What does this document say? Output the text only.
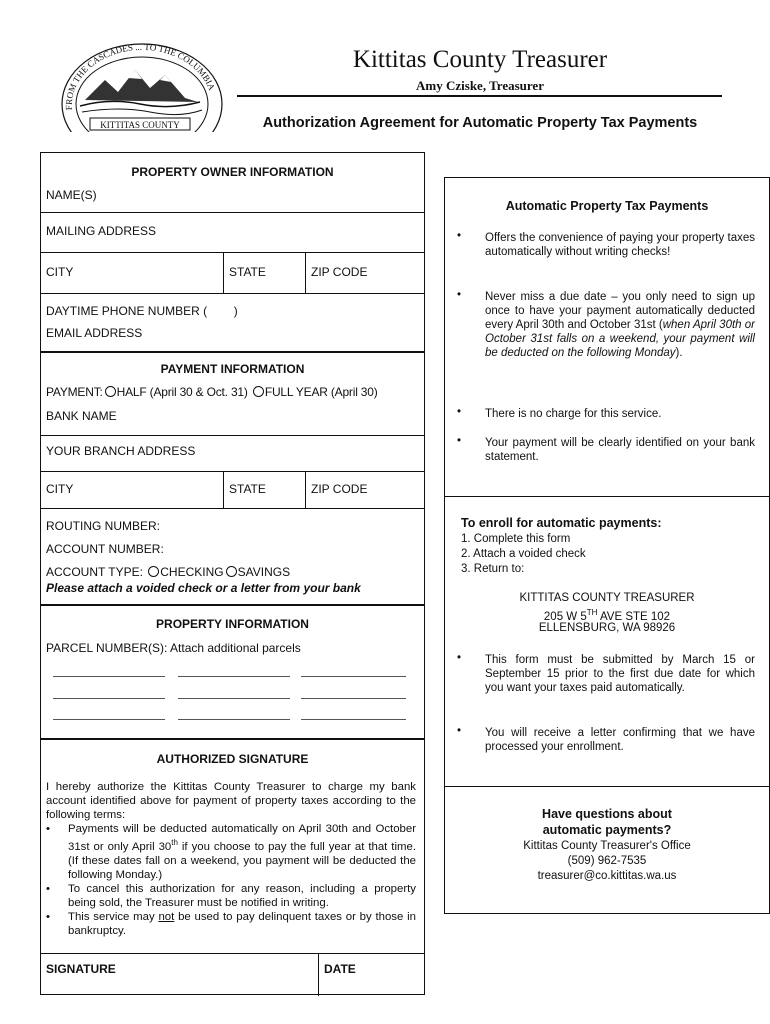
FROM THE CASCADES ... TO THE COLUMBIA
KITTITAS COUNTY
Kittitas County Treasurer
Amy Cziske, Treasurer
Authorization Agreement for Automatic Property Tax Payments
PROPERTY OWNER INFORMATION
NAME(S)
MAILING ADDRESS
CITY	STATE	ZIP CODE
DAYTIME PHONE NUMBER (        )
EMAIL ADDRESS
PAYMENT INFORMATION
PAYMENT: HALF (April 30 & Oct. 31) FULL YEAR (April 30)
BANK NAME
YOUR BRANCH ADDRESS
CITY	STATE	ZIP CODE
ROUTING NUMBER:
ACCOUNT NUMBER:
ACCOUNT TYPE: CHECKING SAVINGS
Please attach a voided check or a letter from your bank
PROPERTY INFORMATION
PARCEL NUMBER(S): Attach additional parcels
AUTHORIZED SIGNATURE
I hereby authorize the Kittitas County Treasurer to charge my bank account identified above for payment of property taxes according to the following terms:
• Payments will be deducted automatically on April 30th and October 31st or only April 30th if you choose to pay the full year at that time. (If these dates fall on a weekend, you payment will be deducted the following Monday.)
• To cancel this authorization for any reason, including a property being sold, the Treasurer must be notified in writing.
• This service may not be used to pay delinquent taxes or by those in bankruptcy.
SIGNATURE	DATE
Automatic Property Tax Payments
• Offers the convenience of paying your property taxes automatically without writing checks!
• Never miss a due date – you only need to sign up once to have your payment automatically deducted every April 30th and October 31st (when April 30th or October 31st falls on a weekend, your payment will be deducted on the following Monday).
• There is no charge for this service.
• Your payment will be clearly identified on your bank statement.
To enroll for automatic payments:
1. Complete this form
2. Attach a voided check
3. Return to:
KITTITAS COUNTY TREASURER
205 W 5TH AVE STE 102
ELLENSBURG, WA 98926
• This form must be submitted by March 15 or September 15 prior to the first due date for which you want your taxes paid automatically.
• You will receive a letter confirming that we have processed your enrollment.
Have questions about
automatic payments?
Kittitas County Treasurer's Office
(509) 962-7535
treasurer@co.kittitas.wa.us
